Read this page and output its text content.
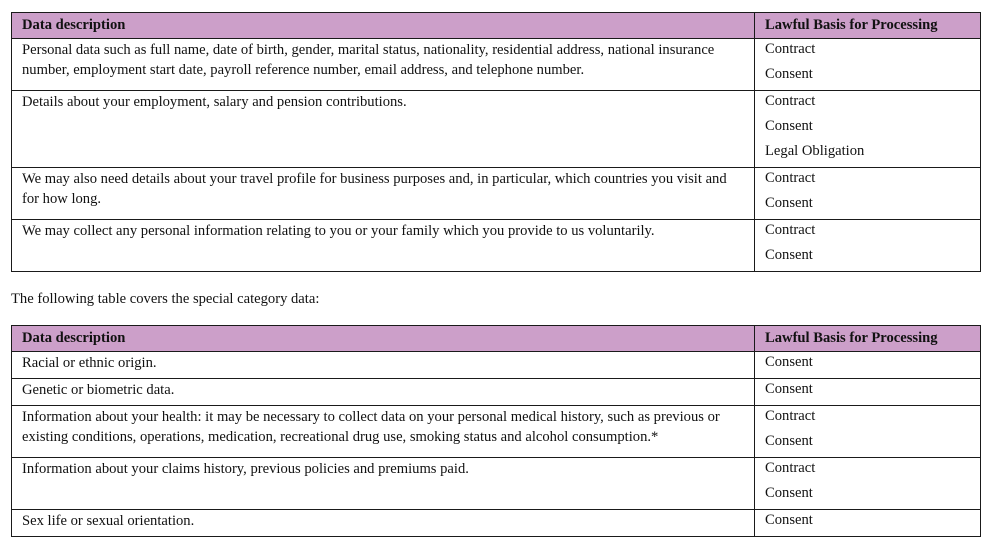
Data description	Lawful Basis for Processing
Personal data such as full name, date of birth, gender, marital status, nationality, residential address, national insurance number, employment start date, payroll reference number, email address, and telephone number.	Contract
Consent

Details about your employment, salary and pension contributions.	Contract
Consent
Legal Obligation

We may also need details about your travel profile for business purposes and, in particular, which countries you visit and for how long.	Contract
Consent

We may collect any personal information relating to you or your family which you provide to us voluntarily.	Contract
Consent

The following table covers the special category data:

Data description	Lawful Basis for Processing
Racial or ethnic origin.	Consent

Genetic or biometric data.	Consent

Information about your health: it may be necessary to collect data on your personal medical history, such as previous or existing conditions, operations, medication, recreational drug use, smoking status and alcohol consumption.*	Contract
Consent

Information about your claims history, previous policies and premiums paid.	Contract
Consent

Sex life or sexual orientation.	Consent
